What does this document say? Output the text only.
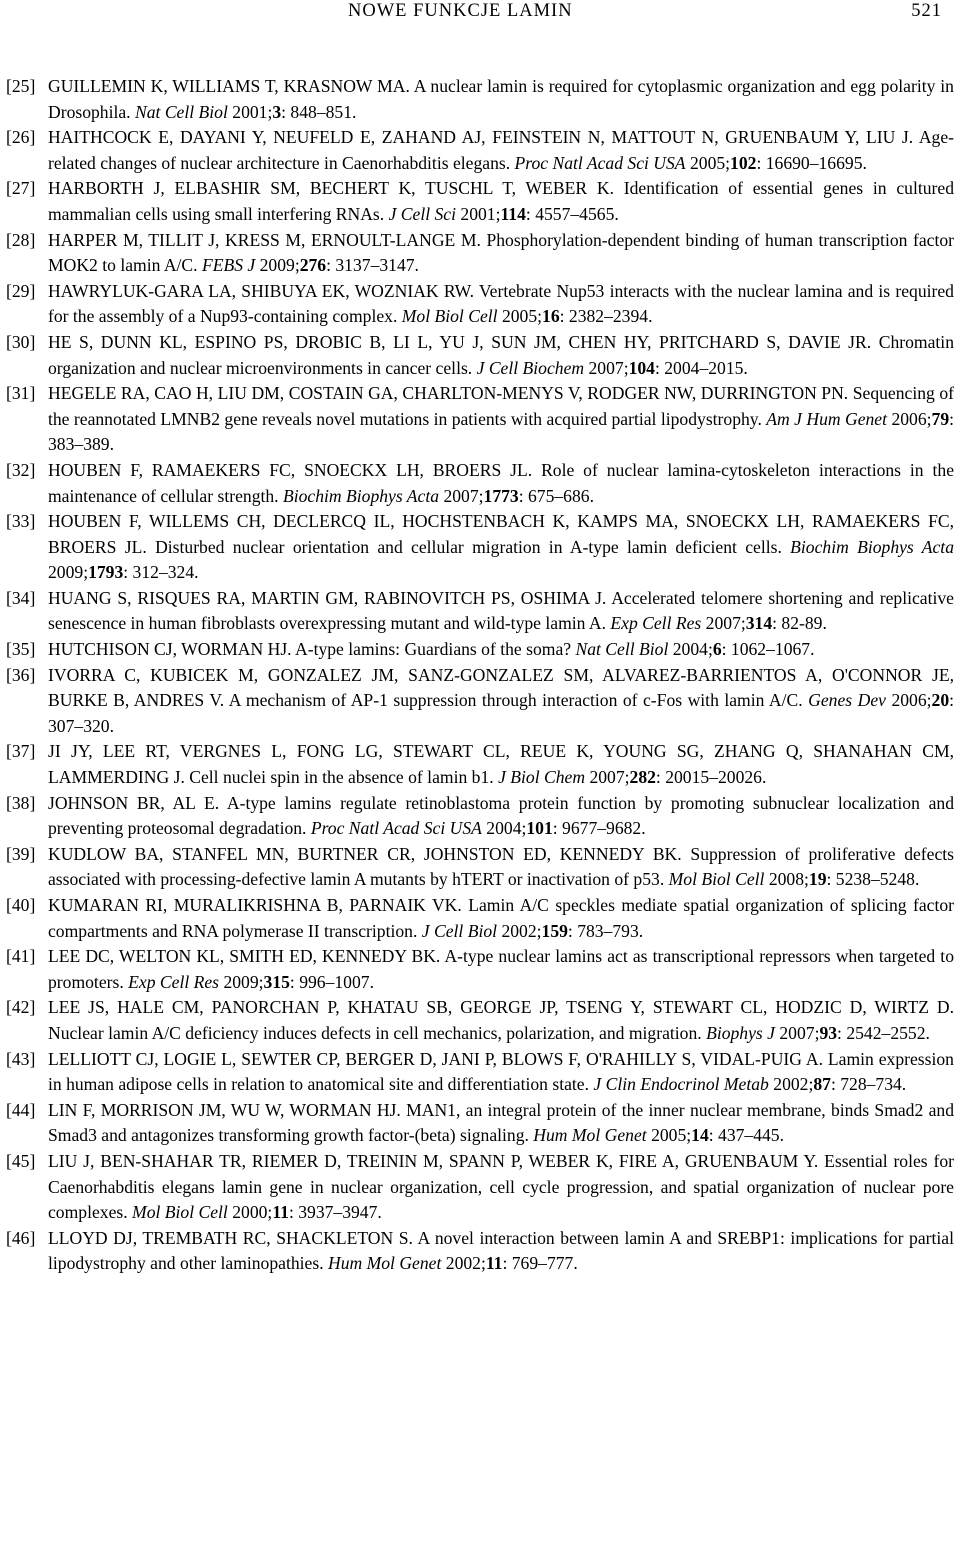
NOWE FUNKCJE LAMIN	521
[25] GUILLEMIN K, WILLIAMS T, KRASNOW MA. A nuclear lamin is required for cytoplasmic organization and egg polarity in Drosophila. Nat Cell Biol 2001;3: 848–851.
[26] HAITHCOCK E, DAYANI Y, NEUFELD E, ZAHAND AJ, FEINSTEIN N, MATTOUT N, GRUENBAUM Y, LIU J. Age-related changes of nuclear architecture in Caenorhabditis elegans. Proc Natl Acad Sci USA 2005;102: 16690–16695.
[27] HARBORTH J, ELBASHIR SM, BECHERT K, TUSCHL T, WEBER K. Identification of essential genes in cultured mammalian cells using small interfering RNAs. J Cell Sci 2001;114: 4557–4565.
[28] HARPER M, TILLIT J, KRESS M, ERNOULT-LANGE M. Phosphorylation-dependent binding of human transcription factor MOK2 to lamin A/C. FEBS J 2009;276: 3137–3147.
[29] HAWRYLUK-GARA LA, SHIBUYA EK, WOZNIAK RW. Vertebrate Nup53 interacts with the nuclear lamina and is required for the assembly of a Nup93-containing complex. Mol Biol Cell 2005;16: 2382–2394.
[30] HE S, DUNN KL, ESPINO PS, DROBIC B, LI L, YU J, SUN JM, CHEN HY, PRITCHARD S, DAVIE JR. Chromatin organization and nuclear microenvironments in cancer cells. J Cell Biochem 2007;104: 2004–2015.
[31] HEGELE RA, CAO H, LIU DM, COSTAIN GA, CHARLTON-MENYS V, RODGER NW, DURRINGTON PN. Sequencing of the reannotated LMNB2 gene reveals novel mutations in patients with acquired partial lipodystrophy. Am J Hum Genet 2006;79: 383–389.
[32] HOUBEN F, RAMAEKERS FC, SNOECKX LH, BROERS JL. Role of nuclear lamina-cytoskeleton interactions in the maintenance of cellular strength. Biochim Biophys Acta 2007;1773: 675–686.
[33] HOUBEN F, WILLEMS CH, DECLERCQ IL, HOCHSTENBACH K, KAMPS MA, SNOECKX LH, RAMAEKERS FC, BROERS JL. Disturbed nuclear orientation and cellular migration in A-type lamin deficient cells. Biochim Biophys Acta 2009;1793: 312–324.
[34] HUANG S, RISQUES RA, MARTIN GM, RABINOVITCH PS, OSHIMA J. Accelerated telomere shortening and replicative senescence in human fibroblasts overexpressing mutant and wild-type lamin A. Exp Cell Res 2007;314: 82-89.
[35] HUTCHISON CJ, WORMAN HJ. A-type lamins: Guardians of the soma? Nat Cell Biol 2004;6: 1062–1067.
[36] IVORRA C, KUBICEK M, GONZALEZ JM, SANZ-GONZALEZ SM, ALVAREZ-BARRIENTOS A, O'CONNOR JE, BURKE B, ANDRES V. A mechanism of AP-1 suppression through interaction of c-Fos with lamin A/C. Genes Dev 2006;20: 307–320.
[37] JI JY, LEE RT, VERGNES L, FONG LG, STEWART CL, REUE K, YOUNG SG, ZHANG Q, SHANAHAN CM, LAMMERDING J. Cell nuclei spin in the absence of lamin b1. J Biol Chem 2007;282: 20015–20026.
[38] JOHNSON BR, AL E. A-type lamins regulate retinoblastoma protein function by promoting subnuclear localization and preventing proteosomal degradation. Proc Natl Acad Sci USA 2004;101: 9677–9682.
[39] KUDLOW BA, STANFEL MN, BURTNER CR, JOHNSTON ED, KENNEDY BK. Suppression of proliferative defects associated with processing-defective lamin A mutants by hTERT or inactivation of p53. Mol Biol Cell 2008;19: 5238–5248.
[40] KUMARAN RI, MURALIKRISHNA B, PARNAIK VK. Lamin A/C speckles mediate spatial organization of splicing factor compartments and RNA polymerase II transcription. J Cell Biol 2002;159: 783–793.
[41] LEE DC, WELTON KL, SMITH ED, KENNEDY BK. A-type nuclear lamins act as transcriptional repressors when targeted to promoters. Exp Cell Res 2009;315: 996–1007.
[42] LEE JS, HALE CM, PANORCHAN P, KHATAU SB, GEORGE JP, TSENG Y, STEWART CL, HODZIC D, WIRTZ D. Nuclear lamin A/C deficiency induces defects in cell mechanics, polarization, and migration. Biophys J 2007;93: 2542–2552.
[43] LELLIOTT CJ, LOGIE L, SEWTER CP, BERGER D, JANI P, BLOWS F, O'RAHILLY S, VIDAL-PUIG A. Lamin expression in human adipose cells in relation to anatomical site and differentiation state. J Clin Endocrinol Metab 2002;87: 728–734.
[44] LIN F, MORRISON JM, WU W, WORMAN HJ. MAN1, an integral protein of the inner nuclear membrane, binds Smad2 and Smad3 and antagonizes transforming growth factor-(beta) signaling. Hum Mol Genet 2005;14: 437–445.
[45] LIU J, BEN-SHAHAR TR, RIEMER D, TREININ M, SPANN P, WEBER K, FIRE A, GRUENBAUM Y. Essential roles for Caenorhabditis elegans lamin gene in nuclear organization, cell cycle progression, and spatial organization of nuclear pore complexes. Mol Biol Cell 2000;11: 3937–3947.
[46] LLOYD DJ, TREMBATH RC, SHACKLETON S. A novel interaction between lamin A and SREBP1: implications for partial lipodystrophy and other laminopathies. Hum Mol Genet 2002;11: 769–777.
